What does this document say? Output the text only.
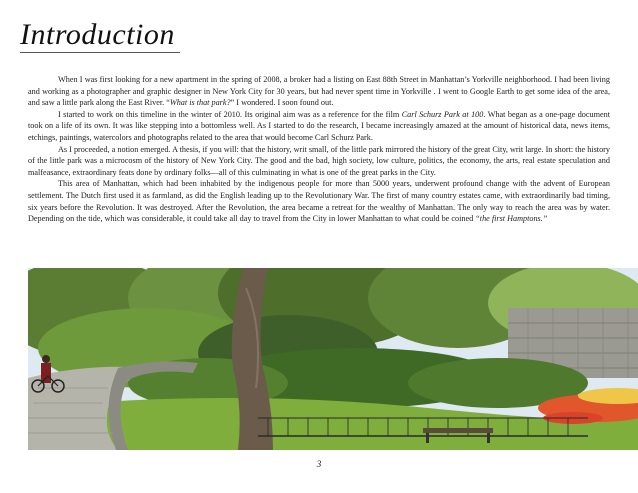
Introduction

When I was first looking for a new apartment in the spring of 2008, a broker had a listing on East 88th Street in Manhattan’s Yorkville neighborhood. I had been living and working as a photographer and graphic designer in New York City for 30 years, but had never spent time in Yorkville . I went to Google Earth to get some idea of the area, and saw a little park along the East River. “What is that park?” I wondered. I soon found out.

I started to work on this timeline in the winter of 2010. Its original aim was as a reference for the film Carl Schurz Park at 100. What began as a one-page document took on a life of its own. It was like stepping into a bottomless well. As I started to do the research, I became increasingly amazed at the amount of historical data, news items, etchings, paintings, watercolors and photographs related to the area that would become Carl Schurz Park.

As I proceeded, a notion emerged. A thesis, if you will: that the history, writ small, of the little park mirrored the history of the great City, writ large. In short: the history of the little park was a microcosm of the history of New York City. The good and the bad, high society, low culture, politics, the economy, the arts, real estate speculation and malfeasance, extraordinary feats done by ordinary folks—all of this culminating in what is one of the great parks in the City.

This area of Manhattan, which had been inhabited by the indigenous people for more than 5000 years, underwent profound change with the advent of European settlement. The Dutch first used it as farmland, as did the English leading up to the Revolutionary War. The first of many country estates came, with extraordinarily bad timing, six years before the Revolution. It was destroyed. After the Revolution, the area became a retreat for the wealthy of Manhattan. The only way to reach the area was by water. Depending on the tide, which was considerable, it could take all day to travel from the City in lower Manhattan to what could be coined “the first Hamptons.”

3
